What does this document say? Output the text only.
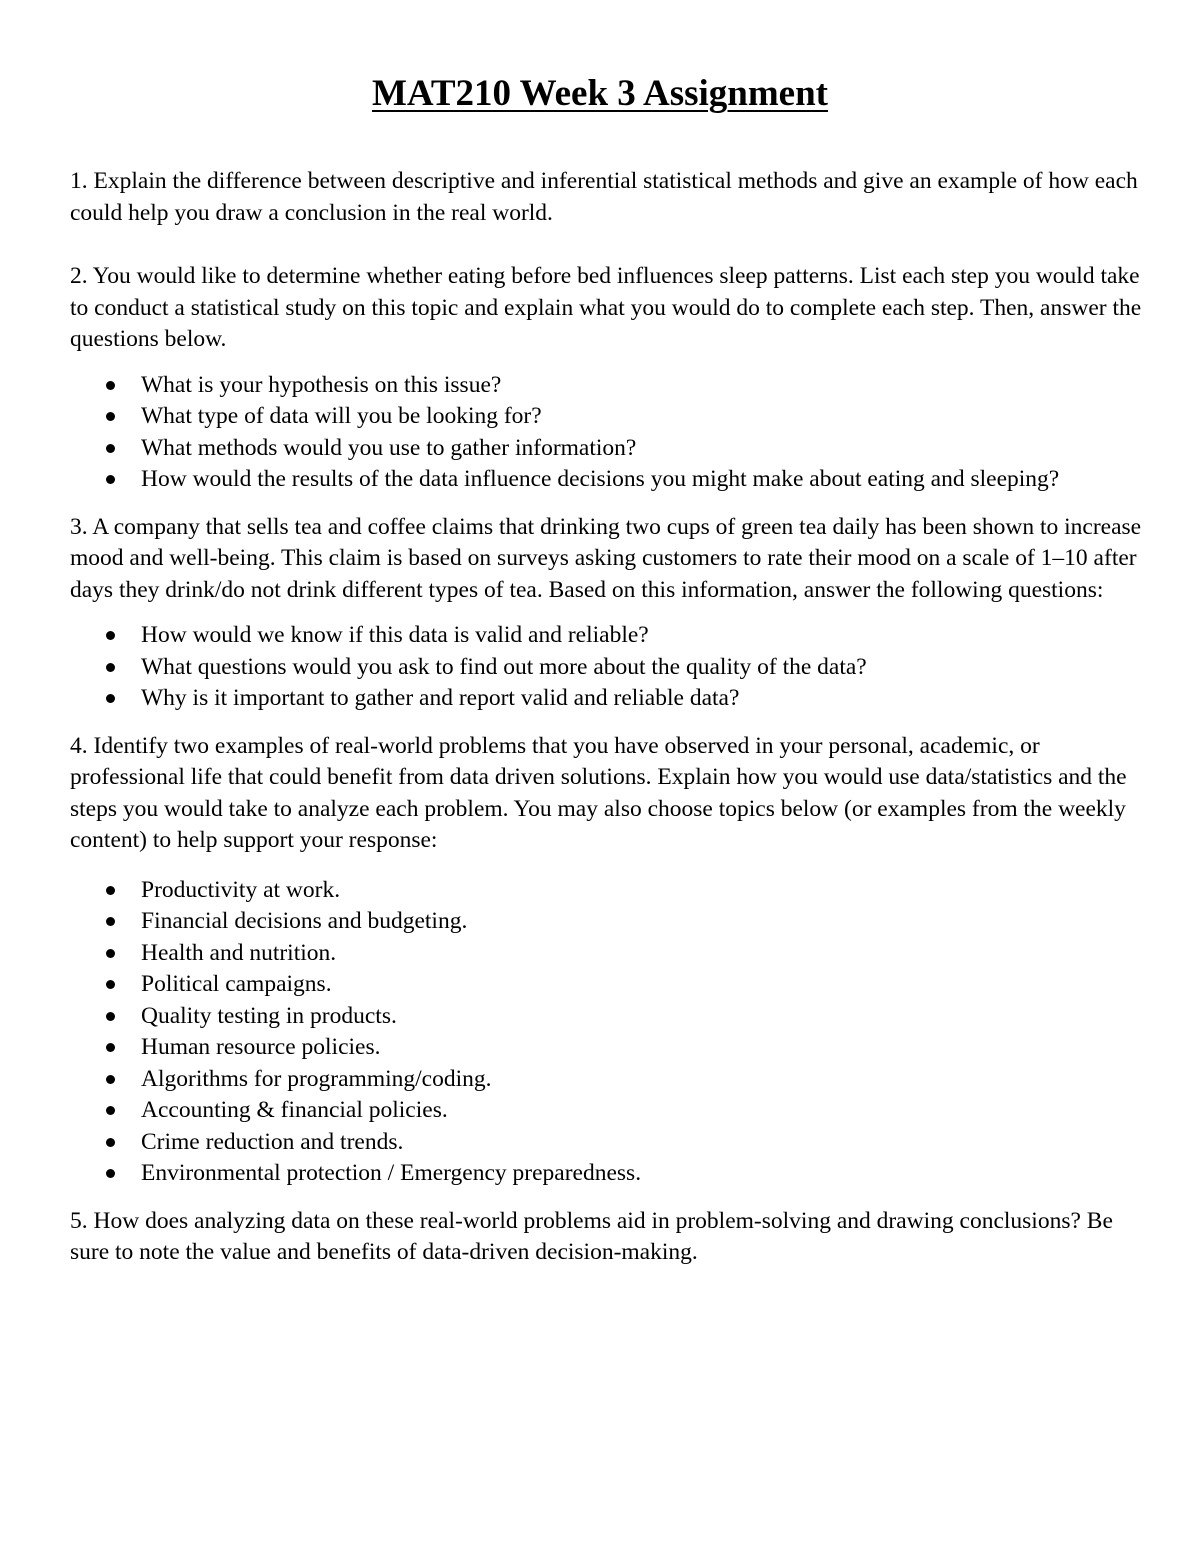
MAT210 Week 3 Assignment

1. Explain the difference between descriptive and inferential statistical methods and give an example of how each could help you draw a conclusion in the real world.

2. You would like to determine whether eating before bed influences sleep patterns. List each step you would take to conduct a statistical study on this topic and explain what you would do to complete each step. Then, answer the questions below.

What is your hypothesis on this issue?
What type of data will you be looking for?
What methods would you use to gather information?
How would the results of the data influence decisions you might make about eating and sleeping?

3. A company that sells tea and coffee claims that drinking two cups of green tea daily has been shown to increase mood and well-being. This claim is based on surveys asking customers to rate their mood on a scale of 1–10 after days they drink/do not drink different types of tea. Based on this information, answer the following questions:

How would we know if this data is valid and reliable?
What questions would you ask to find out more about the quality of the data?
Why is it important to gather and report valid and reliable data?

4. Identify two examples of real-world problems that you have observed in your personal, academic, or professional life that could benefit from data driven solutions. Explain how you would use data/statistics and the steps you would take to analyze each problem. You may also choose topics below (or examples from the weekly content) to help support your response:

Productivity at work.
Financial decisions and budgeting.
Health and nutrition.
Political campaigns.
Quality testing in products.
Human resource policies.
Algorithms for programming/coding.
Accounting & financial policies.
Crime reduction and trends.
Environmental protection / Emergency preparedness.

5. How does analyzing data on these real-world problems aid in problem-solving and drawing conclusions? Be sure to note the value and benefits of data-driven decision-making.
